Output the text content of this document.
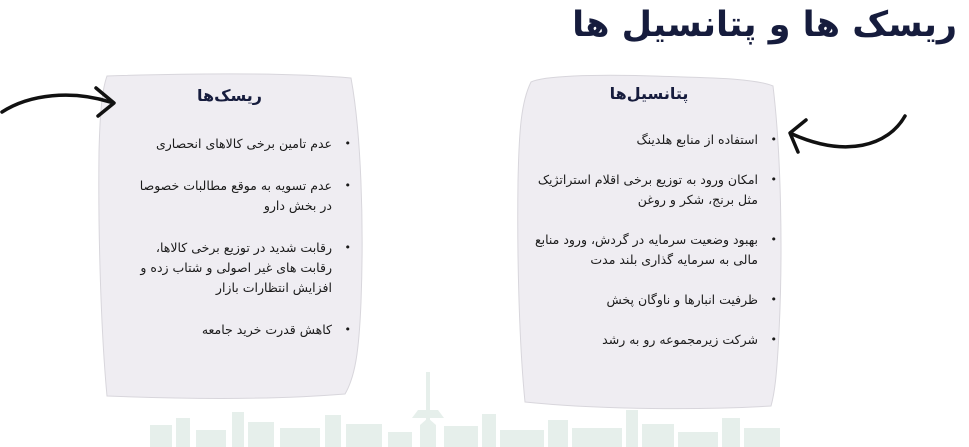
ریسک ها و پتانسیل ها
ریسک‌ها
• عدم تامین برخی کالاهای انحصاری
• عدم تسویه به موقع مطالبات خصوصا در بخش دارو
• رقابت شدید در توزیع برخی کالاها، رقابت های غیر اصولی و شتاب زده و افزایش انتظارات بازار
• کاهش قدرت خرید جامعه
پتانسیل‌ها
• استفاده از منابع هلدینگ
• امکان ورود به توزیع برخی اقلام استراتژیک مثل برنج، شکر و روغن
• بهبود وضعیت سرمایه در گردش، ورود منابع مالی به سرمایه گذاری بلند مدت
• ظرفیت انبارها و ناوگان پخش
• شرکت زیرمجموعه رو به رشد
